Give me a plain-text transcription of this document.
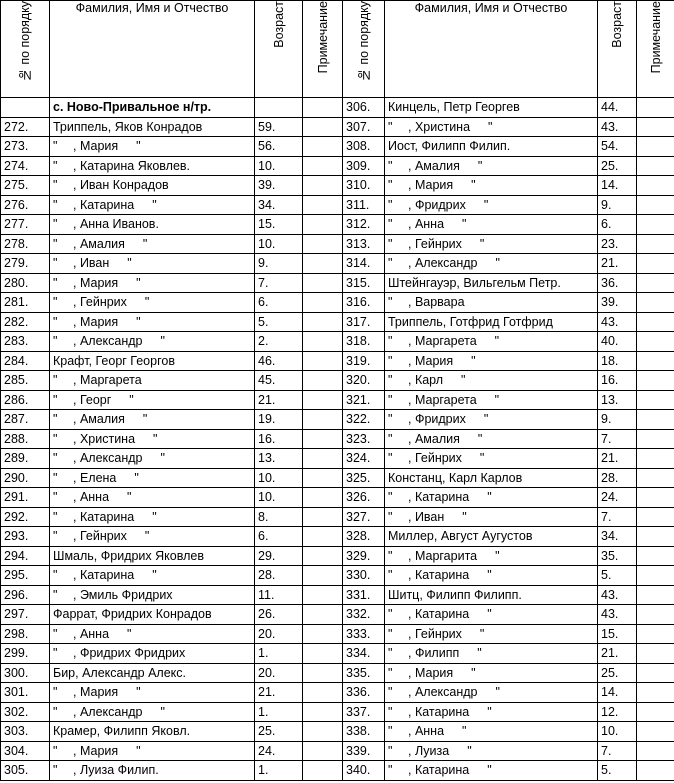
№ по порядку	Фамилия, Имя и Отчество	Возраст	Примечание	№ по порядку	Фамилия, Имя и Отчество	Возраст	Примечание

	с. Ново-Привальное н/тр.			306.	Кинцель, Петр Георгев	44.	
272.	Триппель, Яков Конрадов	59.		307.	" , Христина "	43.	
273.	" , Мария "	56.		308.	Иост, Филипп Филип.	54.	
274.	" , Катарина Яковлев.	10.		309.	" , Амалия "	25.	
275.	" , Иван Конрадов	39.		310.	" , Мария "	14.	
276.	" , Катарина "	34.		311.	" , Фридрих "	9.	
277.	" , Анна Иванов.	15.		312.	" , Анна "	6.	
278.	" , Амалия "	10.		313.	" , Гейнрих "	23.	
279.	" , Иван "	9.		314.	" , Александр "	21.	
280.	" , Мария "	7.		315.	Штейнгауэр, Вильгельм Петр.	36.	
281.	" , Гейнрих "	6.		316.	" , Варвара	39.	
282.	" , Мария "	5.		317.	Триппель, Готфрид Готфрид	43.	
283.	" , Александр "	2.		318.	" , Маргарета "	40.	
284.	Крафт, Георг Георгов	46.		319.	" , Мария "	18.	
285.	" , Маргарета	45.		320.	" , Карл "	16.	
286.	" , Георг "	21.		321.	" , Маргарета "	13.	
287.	" , Амалия "	19.		322.	" , Фридрих "	9.	
288.	" , Христина "	16.		323.	" , Амалия "	7.	
289.	" , Александр "	13.		324.	" , Гейнрих "	21.	
290.	" , Елена "	10.		325.	Констанц, Карл Карлов	28.	
291.	" , Анна "	10.		326.	" , Катарина "	24.	
292.	" , Катарина "	8.		327.	" , Иван "	7.	
293.	" , Гейнрих "	6.		328.	Миллер, Август Аугустов	34.	
294.	Шмаль, Фридрих Яковлев	29.		329.	" , Маргарита "	35.	
295.	" , Катарина "	28.		330.	" , Катарина "	5.	
296.	" , Эмиль Фридрих	11.		331.	Шитц, Филипп Филипп.	43.	
297.	Фаррат, Фридрих Конрадов	26.		332.	" , Катарина "	43.	
298.	" , Анна "	20.		333.	" , Гейнрих "	15.	
299.	" , Фридрих Фридрих	1.		334.	" , Филипп "	21.	
300.	Бир, Александр Алекс.	20.		335.	" , Мария "	25.	
301.	" , Мария "	21.		336.	" , Александр "	14.	
302.	" , Александр "	1.		337.	" , Катарина "	12.	
303.	Крамер, Филипп Яковл.	25.		338.	" , Анна "	10.	
304.	" , Мария "	24.		339.	" , Луиза "	7.	
305.	" , Луиза Филип.	1.		340.	" , Катарина "	5.	
